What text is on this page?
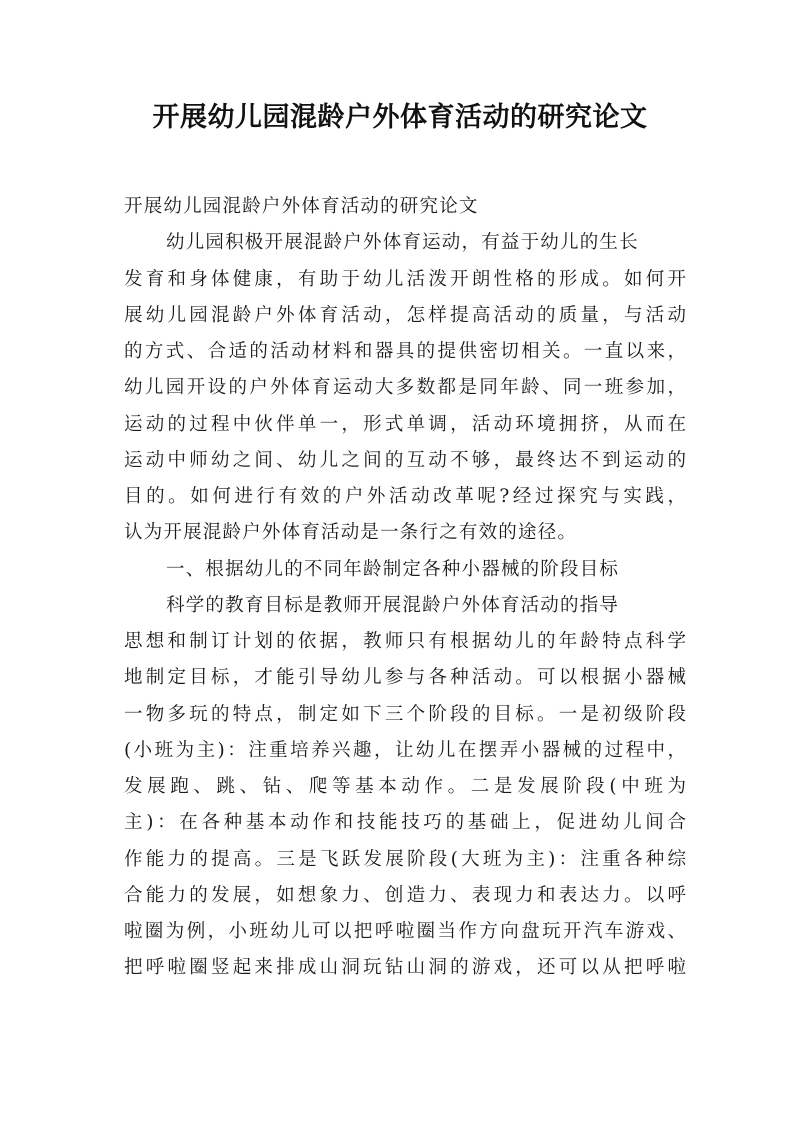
开展幼儿园混龄户外体育活动的研究论文
开展幼儿园混龄户外体育活动的研究论文
幼儿园积极开展混龄户外体育运动，有益于幼儿的生长
发育和身体健康，有助于幼儿活泼开朗性格的形成。如何开
展幼儿园混龄户外体育活动，怎样提高活动的质量，与活动
的方式、合适的活动材料和器具的提供密切相关。一直以来，
幼儿园开设的户外体育运动大多数都是同年龄、同一班参加，
运动的过程中伙伴单一，形式单调，活动环境拥挤，从而在
运动中师幼之间、幼儿之间的互动不够，最终达不到运动的
目的。如何进行有效的户外活动改革呢?经过探究与实践，
认为开展混龄户外体育活动是一条行之有效的途径。
一、根据幼儿的不同年龄制定各种小器械的阶段目标
科学的教育目标是教师开展混龄户外体育活动的指导
思想和制订计划的依据，教师只有根据幼儿的年龄特点科学
地制定目标，才能引导幼儿参与各种活动。可以根据小器械
一物多玩的特点，制定如下三个阶段的目标。一是初级阶段
(小班为主)：注重培养兴趣，让幼儿在摆弄小器械的过程中，
发展跑、跳、钻、爬等基本动作。二是发展阶段(中班为
主)：在各种基本动作和技能技巧的基础上，促进幼儿间合
作能力的提高。三是飞跃发展阶段(大班为主)：注重各种综
合能力的发展，如想象力、创造力、表现力和表达力。以呼
啦圈为例，小班幼儿可以把呼啦圈当作方向盘玩开汽车游戏、
把呼啦圈竖起来排成山洞玩钻山洞的游戏，还可以从把呼啦
